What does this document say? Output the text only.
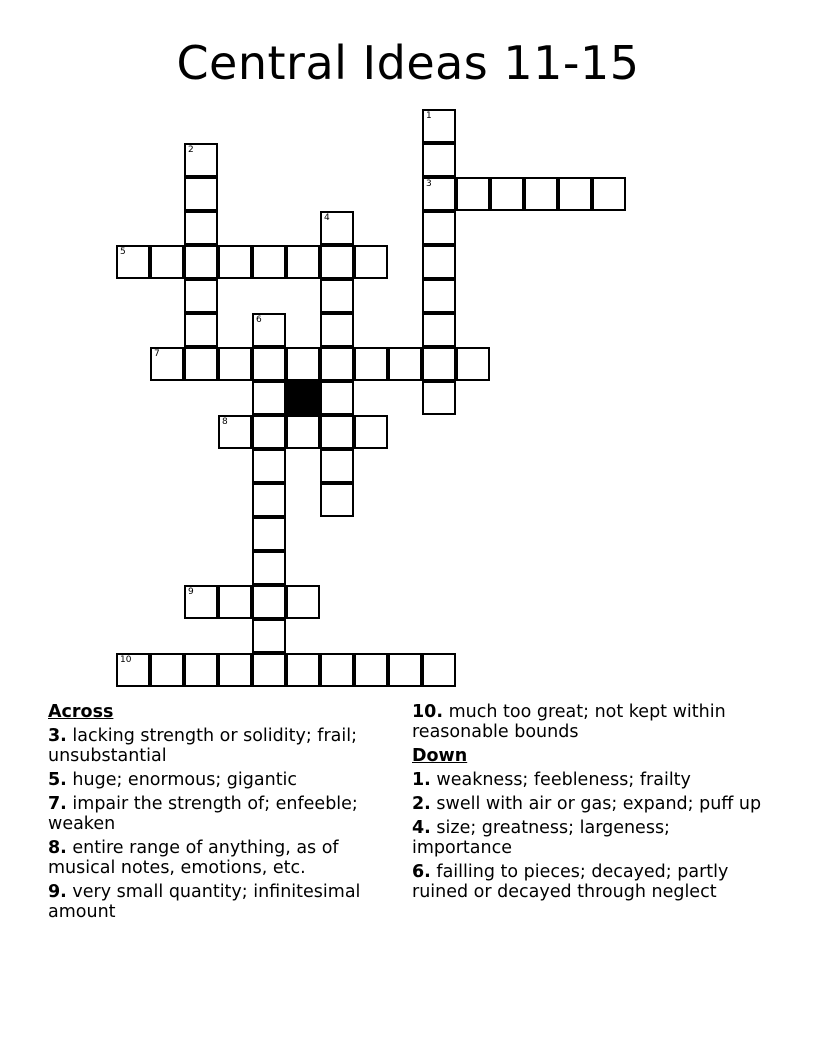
Central Ideas 11-15
1
3
2
4
5
6
7
8
9
10
Across
3. lacking strength or solidity; frail; unsubstantial
5. huge; enormous; gigantic
7. impair the strength of; enfeeble; weaken
8. entire range of anything, as of musical notes, emotions, etc.
9. very small quantity; infinitesimal amount
10. much too great; not kept within reasonable bounds
Down
1. weakness; feebleness; frailty
2. swell with air or gas; expand; puff up
4. size; greatness; largeness; importance
6. failling to pieces; decayed; partly ruined or decayed through neglect
